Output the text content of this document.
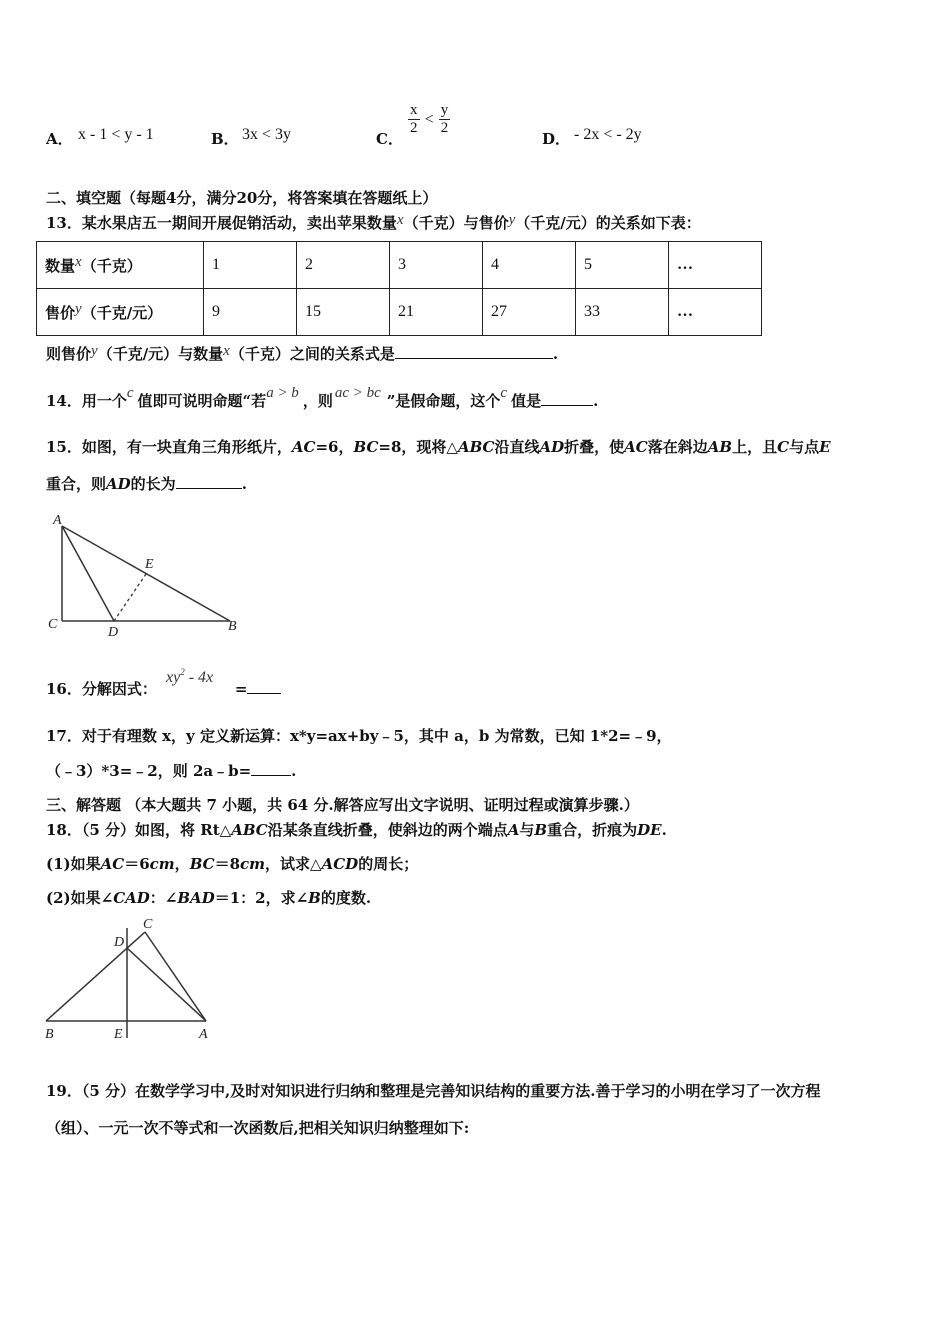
A． x - 1 < y - 1	B． 3x < 3y	C．
$\frac{x}{2} < \frac{y}{2}$
D． - 2x < - 2y
二、填空题（每题4分，满分20分，将答案填在答题纸上）
13．某水果店五一期间开展促销活动，卖出苹果数量x（千克）与售价y（千克/元）的关系如下表：
数量x（千克）	1	2	3	4	5	…
售价y（千克/元）	9	15	21	27	33	…
则售价y（千克/元）与数量x（千克）之间的关系式是	.
14．用一个c 值即可说明命题“若a > b ，则 ac > bc ”是假命题，这个c 值是	.
15．如图，有一块直角三角形纸片，AC=6，BC=8，现将△ABC沿直线AD折叠，使AC落在斜边AB上，且C与点E
重合，则AD的长为	.
A
E
C
D	B
16．分解因式：
$xy^2 - 4x$
=
17．对于有理数 x，y 定义新运算：x*y=ax+by﹣5，其中 a，b 为常数，已知 1*2=﹣9，
（﹣3）*3=﹣2，则 2a﹣b=	.
三、解答题 （本大题共 7 小题，共 64 分.解答应写出文字说明、证明过程或演算步骤.）
18．（5 分）如图，将 Rt△ABC沿某条直线折叠，使斜边的两个端点A与B重合，折痕为DE.
(1)如果AC＝6cm，BC＝8cm，试求△ACD的周长；
(2)如果∠CAD：∠BAD＝1：2，求∠B的度数.
C
D
B	E	A
19．（5 分）在数学学习中,及时对知识进行归纳和整理是完善知识结构的重要方法.善于学习的小明在学习了一次方程
（组）、一元一次不等式和一次函数后,把相关知识归纳整理如下:
